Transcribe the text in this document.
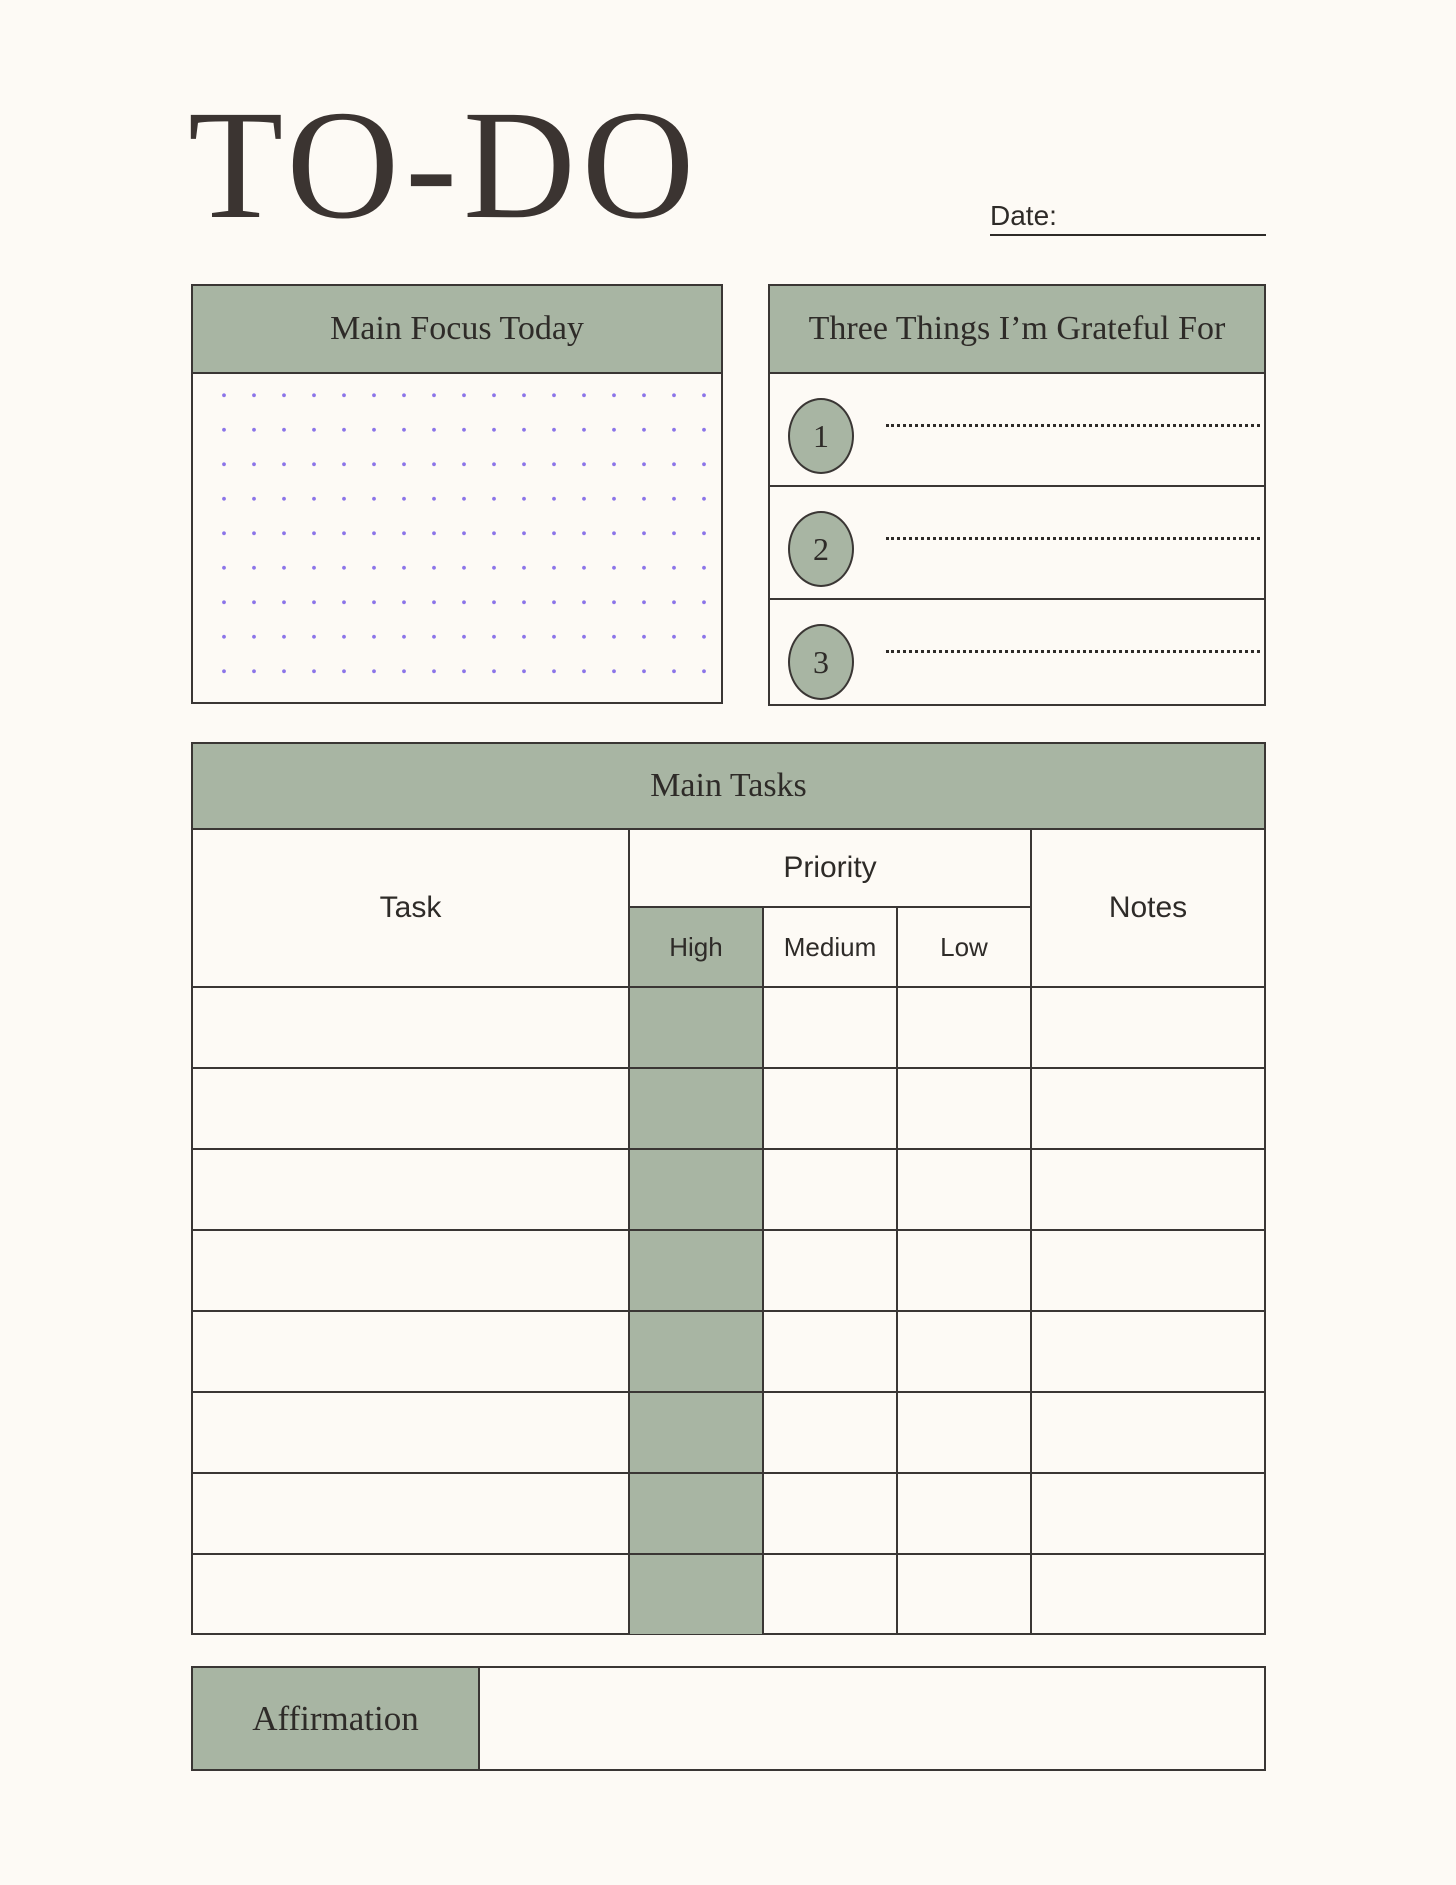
TO-DO	Date:
Main Focus Today	Three Things I’m Grateful For
1
2
3
Main Tasks				
Task	Priority			Notes
	High	Medium	Low	

Affirmation
